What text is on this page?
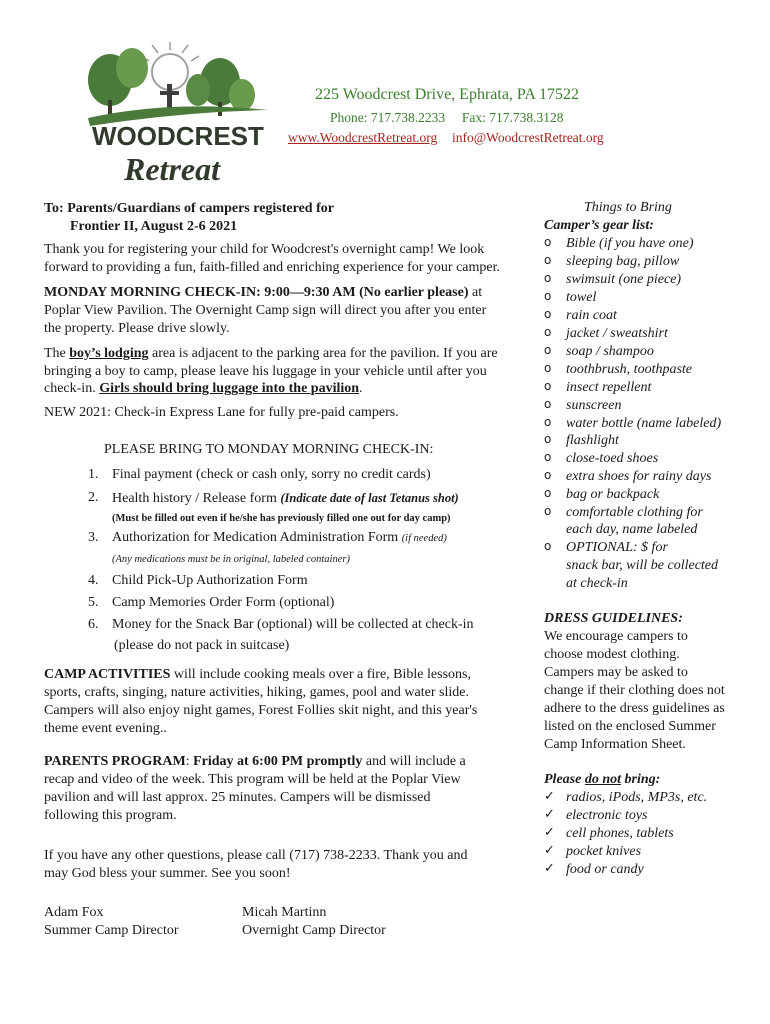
WOODCREST
Retreat
225 Woodcrest Drive, Ephrata, PA 17522
Phone: 717.738.2233 Fax: 717.738.3128
www.WoodcrestRetreat.org info@WoodcrestRetreat.org

To: Parents/Guardians of campers registered for

Frontier II, August 2-6 2021

Thank you for registering your child for Woodcrest's overnight camp! We look

forward to providing a fun, faith-filled and enriching experience for your camper.

MONDAY MORNING CHECK-IN: 9:00—9:30 AM (No earlier please) at

Poplar View Pavilion. The Overnight Camp sign will direct you after you enter

the property. Please drive slowly.

The boy’s lodging area is adjacent to the parking area for the pavilion. If you are

bringing a boy to camp, please leave his luggage in your vehicle until after you

check-in. Girls should bring luggage into the pavilion.

NEW 2021: Check-in Express Lane for fully pre-paid campers.

PLEASE BRING TO MONDAY MORNING CHECK-IN:

1. Final payment (check or cash only, sorry no credit cards)
2. Health history / Release form (Indicate date of last Tetanus shot)
(Must be filled out even if he/she has previously filled one out for day camp)
3. Authorization for Medication Administration Form (if needed)
(Any medications must be in original, labeled container)
4. Child Pick-Up Authorization Form
5. Camp Memories Order Form (optional)
6. Money for the Snack Bar (optional) will be collected at check-in
(please do not pack in suitcase)

CAMP ACTIVITIES will include cooking meals over a fire, Bible lessons,

sports, crafts, singing, nature activities, hiking, games, pool and water slide.

Campers will also enjoy night games, Forest Follies skit night, and this year's

theme event evening..

PARENTS PROGRAM: Friday at 6:00 PM promptly and will include a

recap and video of the week. This program will be held at the Poplar View

pavilion and will last approx. 25 minutes. Campers will be dismissed

following this program.

If you have any other questions, please call (717) 738-2233. Thank you and

may God bless your summer. See you soon!

Adam Fox

Summer Camp Director

Micah Martinn

Overnight Camp Director

Things to Bring

Camper’s gear list:

o Bible (if you have one)
o sleeping bag, pillow
o swimsuit (one piece)
o towel
o rain coat
o jacket / sweatshirt
o soap / shampoo
o toothbrush, toothpaste
o insect repellent
o sunscreen
o water bottle (name labeled)
o flashlight
o close-toed shoes
o extra shoes for rainy days
o bag or backpack
o comfortable clothing for
each day, name labeled
o OPTIONAL: $ for
snack bar, will be collected
at check-in

DRESS GUIDELINES:

We encourage campers to

choose modest clothing.

Campers may be asked to

change if their clothing does not

adhere to the dress guidelines as

listed on the enclosed Summer

Camp Information Sheet.

Please do not bring:

✓ radios, iPods, MP3s, etc.
✓ electronic toys
✓ cell phones, tablets
✓ pocket knives
✓ food or candy
